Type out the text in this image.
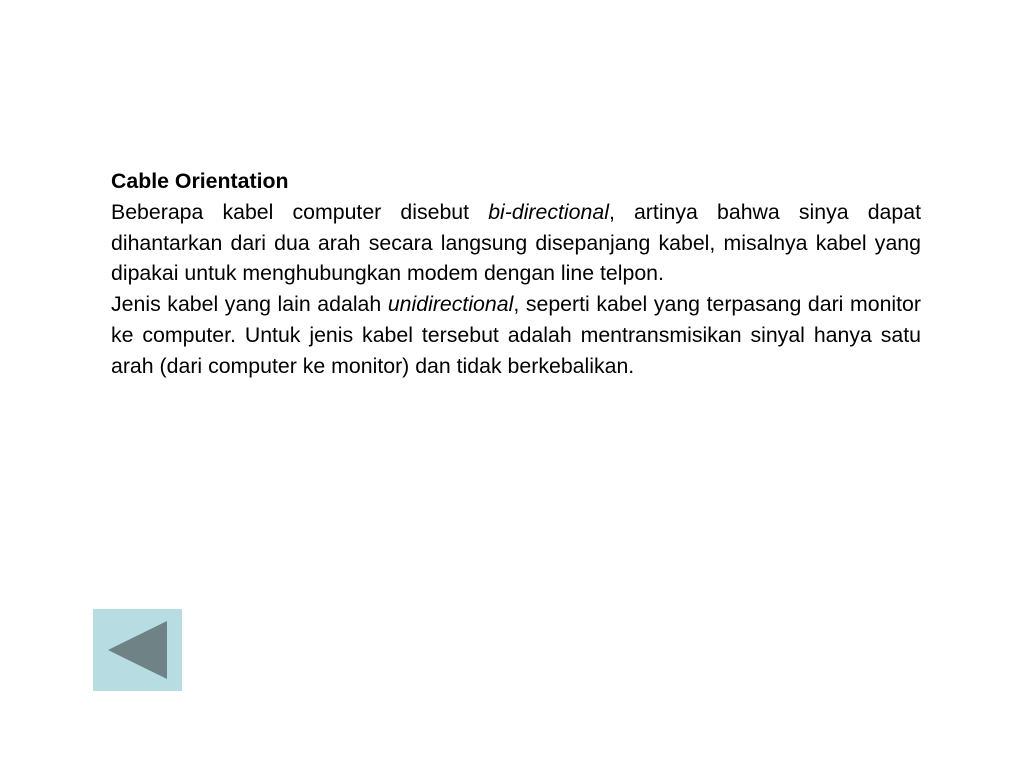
Cable Orientation

Beberapa kabel computer disebut bi-directional, artinya bahwa sinya dapat dihantarkan dari dua arah secara langsung disepanjang kabel, misalnya kabel yang dipakai untuk menghubungkan modem dengan line telpon.

Jenis kabel yang lain adalah unidirectional, seperti kabel yang terpasang dari monitor ke computer. Untuk jenis kabel tersebut adalah mentransmisikan sinyal hanya satu arah (dari computer ke monitor) dan tidak berkebalikan.
